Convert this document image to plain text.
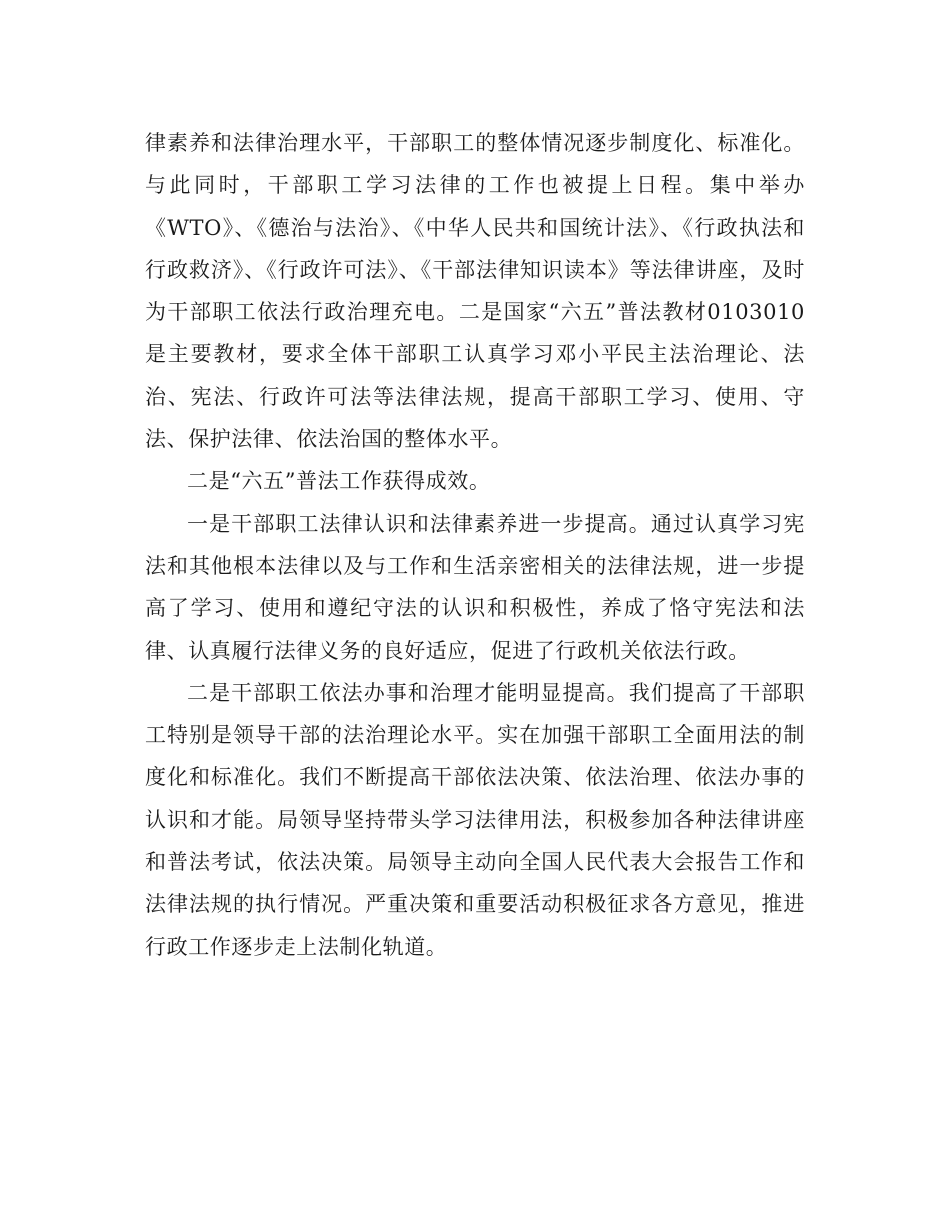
律素养和法律治理水平，干部职工的整体情况逐步制度化、标准化。与此同时，干部职工学习法律的工作也被提上日程。集中举办《WTO》、《德治与法治》、《中华人民共和国统计法》、《行政执法和行政救济》、《行政许可法》、《干部法律知识读本》等法律讲座，及时为干部职工依法行政治理充电。二是国家“六五”普法教材0103010是主要教材，要求全体干部职工认真学习邓小平民主法治理论、法治、宪法、行政许可法等法律法规，提高干部职工学习、使用、守法、保护法律、依法治国的整体水平。

二是“六五”普法工作获得成效。

一是干部职工法律认识和法律素养进一步提高。通过认真学习宪法和其他根本法律以及与工作和生活亲密相关的法律法规，进一步提高了学习、使用和遵纪守法的认识和积极性，养成了恪守宪法和法律、认真履行法律义务的良好适应，促进了行政机关依法行政。

二是干部职工依法办事和治理才能明显提高。我们提高了干部职工特别是领导干部的法治理论水平。实在加强干部职工全面用法的制度化和标准化。我们不断提高干部依法决策、依法治理、依法办事的认识和才能。局领导坚持带头学习法律用法，积极参加各种法律讲座和普法考试，依法决策。局领导主动向全国人民代表大会报告工作和法律法规的执行情况。严重决策和重要活动积极征求各方意见，推进行政工作逐步走上法制化轨道。
